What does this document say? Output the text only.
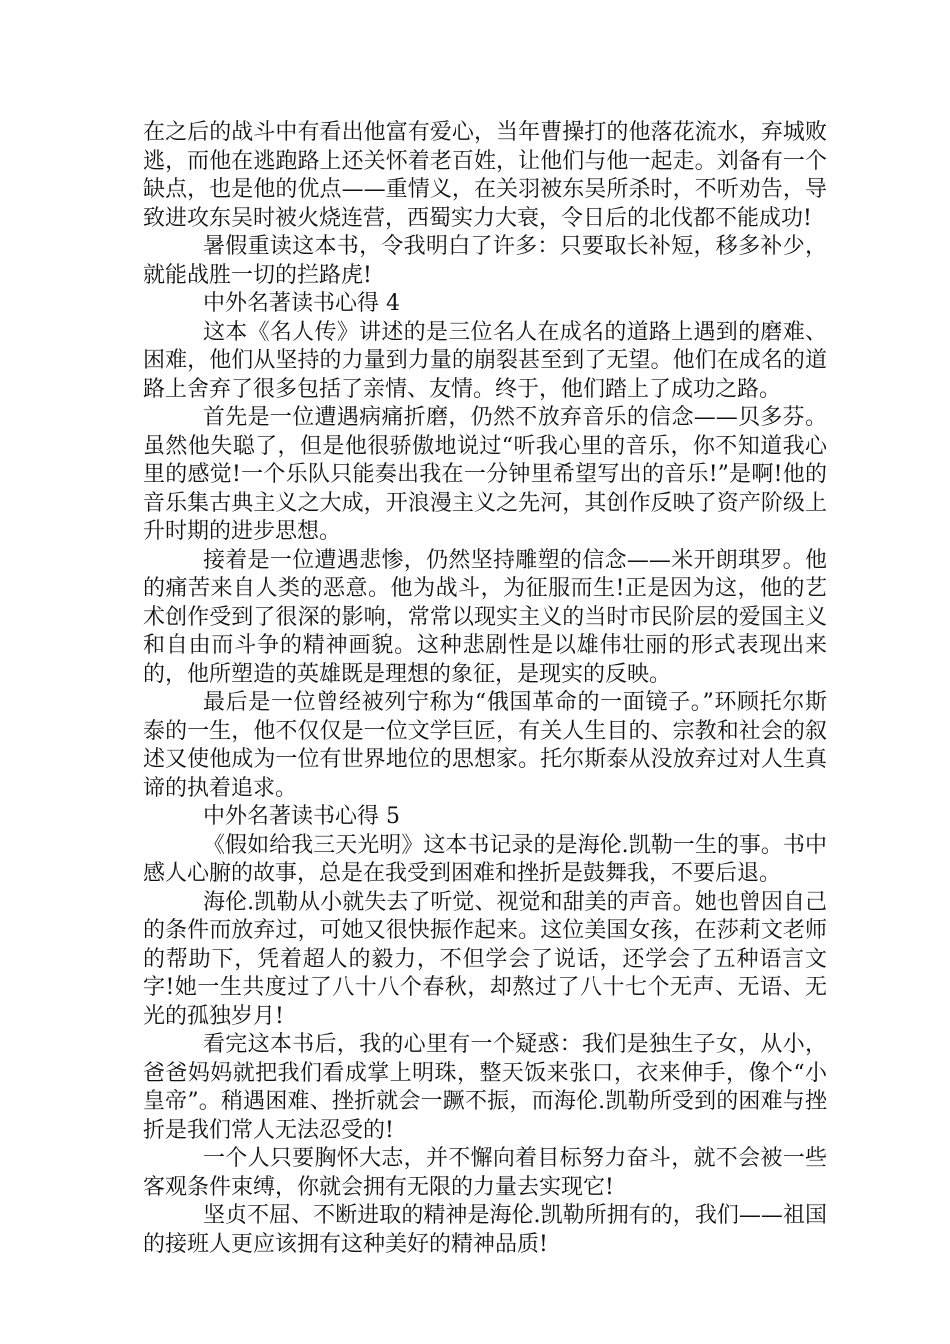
在之后的战斗中有看出他富有爱心，当年曹操打的他落花流水，弃城败逃，而他在逃跑路上还关怀着老百姓，让他们与他一起走。刘备有一个缺点，也是他的优点——重情义，在关羽被东吴所杀时，不听劝告，导致进攻东吴时被火烧连营，西蜀实力大衰，令日后的北伐都不能成功!

暑假重读这本书，令我明白了许多：只要取长补短，移多补少，就能战胜一切的拦路虎!

中外名著读书心得 4

这本《名人传》讲述的是三位名人在成名的道路上遇到的磨难、困难，他们从坚持的力量到力量的崩裂甚至到了无望。他们在成名的道路上舍弃了很多包括了亲情、友情。终于，他们踏上了成功之路。

首先是一位遭遇病痛折磨，仍然不放弃音乐的信念——贝多芬。虽然他失聪了，但是他很骄傲地说过“听我心里的音乐，你不知道我心里的感觉!一个乐队只能奏出我在一分钟里希望写出的音乐!”是啊!他的音乐集古典主义之大成，开浪漫主义之先河，其创作反映了资产阶级上升时期的进步思想。

接着是一位遭遇悲惨，仍然坚持雕塑的信念——米开朗琪罗。他的痛苦来自人类的恶意。他为战斗，为征服而生!正是因为这，他的艺术创作受到了很深的影响，常常以现实主义的当时市民阶层的爱国主义和自由而斗争的精神画貌。这种悲剧性是以雄伟壮丽的形式表现出来的，他所塑造的英雄既是理想的象征，是现实的反映。

最后是一位曾经被列宁称为“俄国革命的一面镜子。”环顾托尔斯泰的一生，他不仅仅是一位文学巨匠，有关人生目的、宗教和社会的叙述又使他成为一位有世界地位的思想家。托尔斯泰从没放弃过对人生真谛的执着追求。

中外名著读书心得 5

《假如给我三天光明》这本书记录的是海伦.凯勒一生的事。书中感人心腑的故事，总是在我受到困难和挫折是鼓舞我，不要后退。

海伦.凯勒从小就失去了听觉、视觉和甜美的声音。她也曾因自己的条件而放弃过，可她又很快振作起来。这位美国女孩，在莎莉文老师的帮助下，凭着超人的毅力，不但学会了说话，还学会了五种语言文字!她一生共度过了八十八个春秋，却熬过了八十七个无声、无语、无光的孤独岁月!

看完这本书后，我的心里有一个疑惑：我们是独生子女，从小，爸爸妈妈就把我们看成掌上明珠，整天饭来张口，衣来伸手，像个“小皇帝”。稍遇困难、挫折就会一蹶不振，而海伦.凯勒所受到的困难与挫折是我们常人无法忍受的!

一个人只要胸怀大志，并不懈向着目标努力奋斗，就不会被一些客观条件束缚，你就会拥有无限的力量去实现它!

坚贞不屈、不断进取的精神是海伦.凯勒所拥有的，我们——祖国的接班人更应该拥有这种美好的精神品质!
